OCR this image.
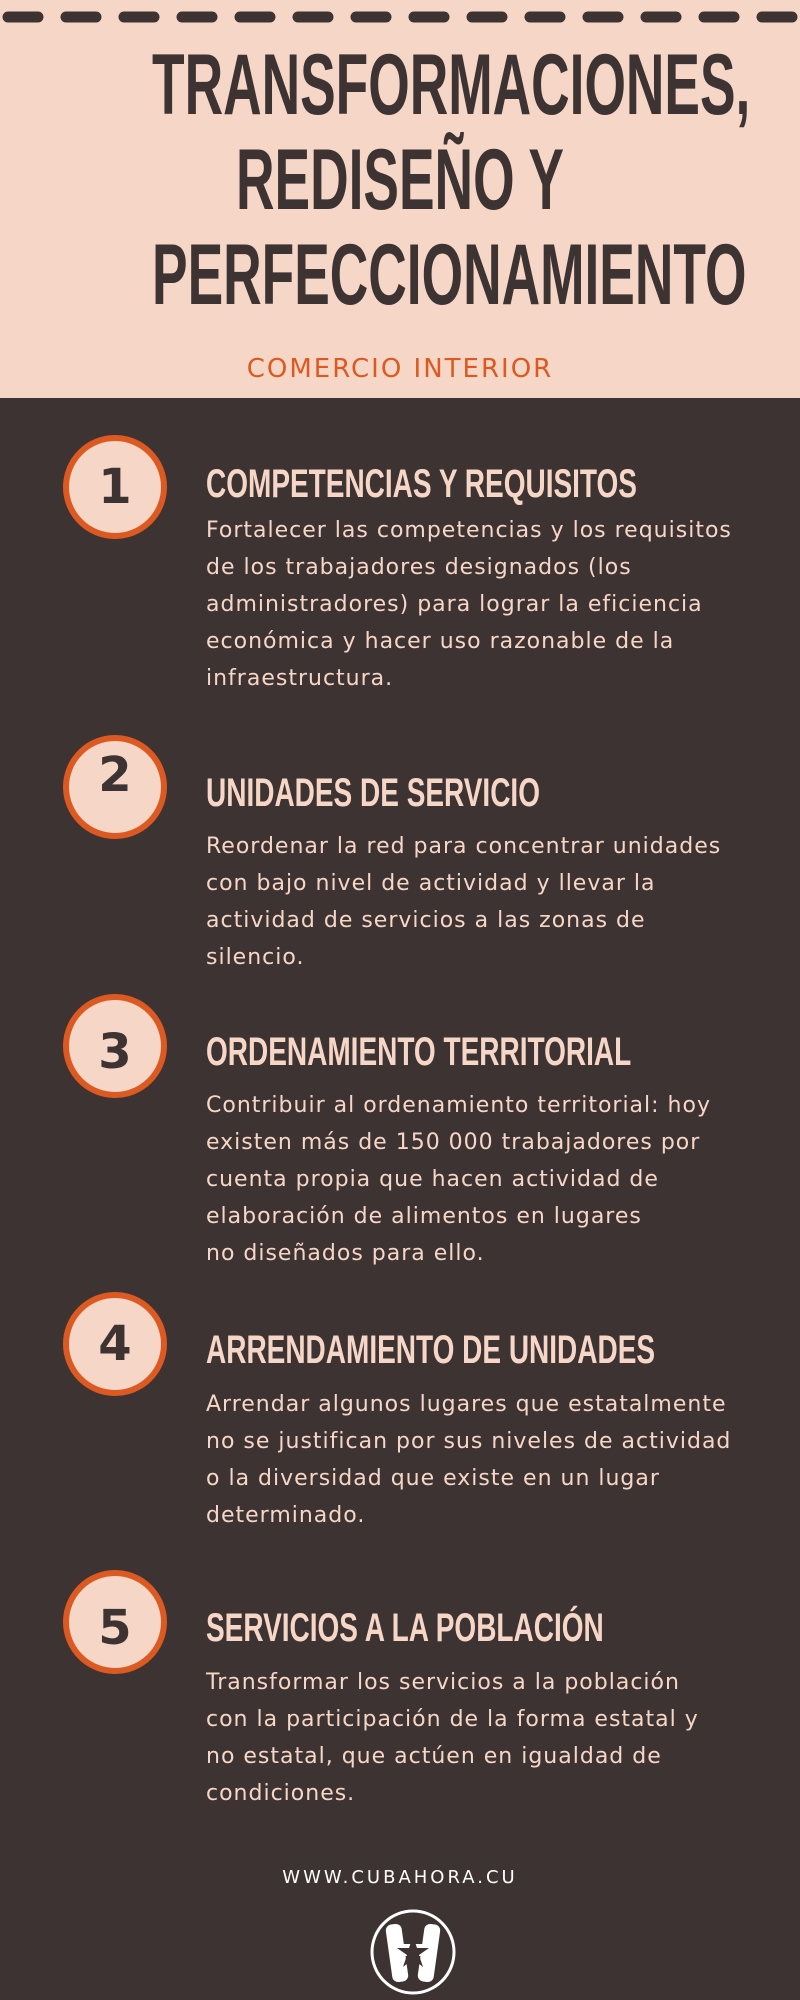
TRANSFORMACIONES,
REDISEÑO Y
PERFECCIONAMIENTO
COMERCIO INTERIOR
1 COMPETENCIAS Y REQUISITOS
Fortalecer las competencias y los requisitos
de los trabajadores designados (los
administradores) para lograr la eficiencia
económica y hacer uso razonable de la
infraestructura.
2 UNIDADES DE SERVICIO
Reordenar la red para concentrar unidades
con bajo nivel de actividad y llevar la
actividad de servicios a las zonas de
silencio.
3 ORDENAMIENTO TERRITORIAL
Contribuir al ordenamiento territorial: hoy
existen más de 150 000 trabajadores por
cuenta propia que hacen actividad de
elaboración de alimentos en lugares
no diseñados para ello.
4 ARRENDAMIENTO DE UNIDADES
Arrendar algunos lugares que estatalmente
no se justifican por sus niveles de actividad
o la diversidad que existe en un lugar
determinado.
5 SERVICIOS A LA POBLACIÓN
Transformar los servicios a la población
con la participación de la forma estatal y
no estatal, que actúen en igualdad de
condiciones.
WWW.CUBAHORA.CU
